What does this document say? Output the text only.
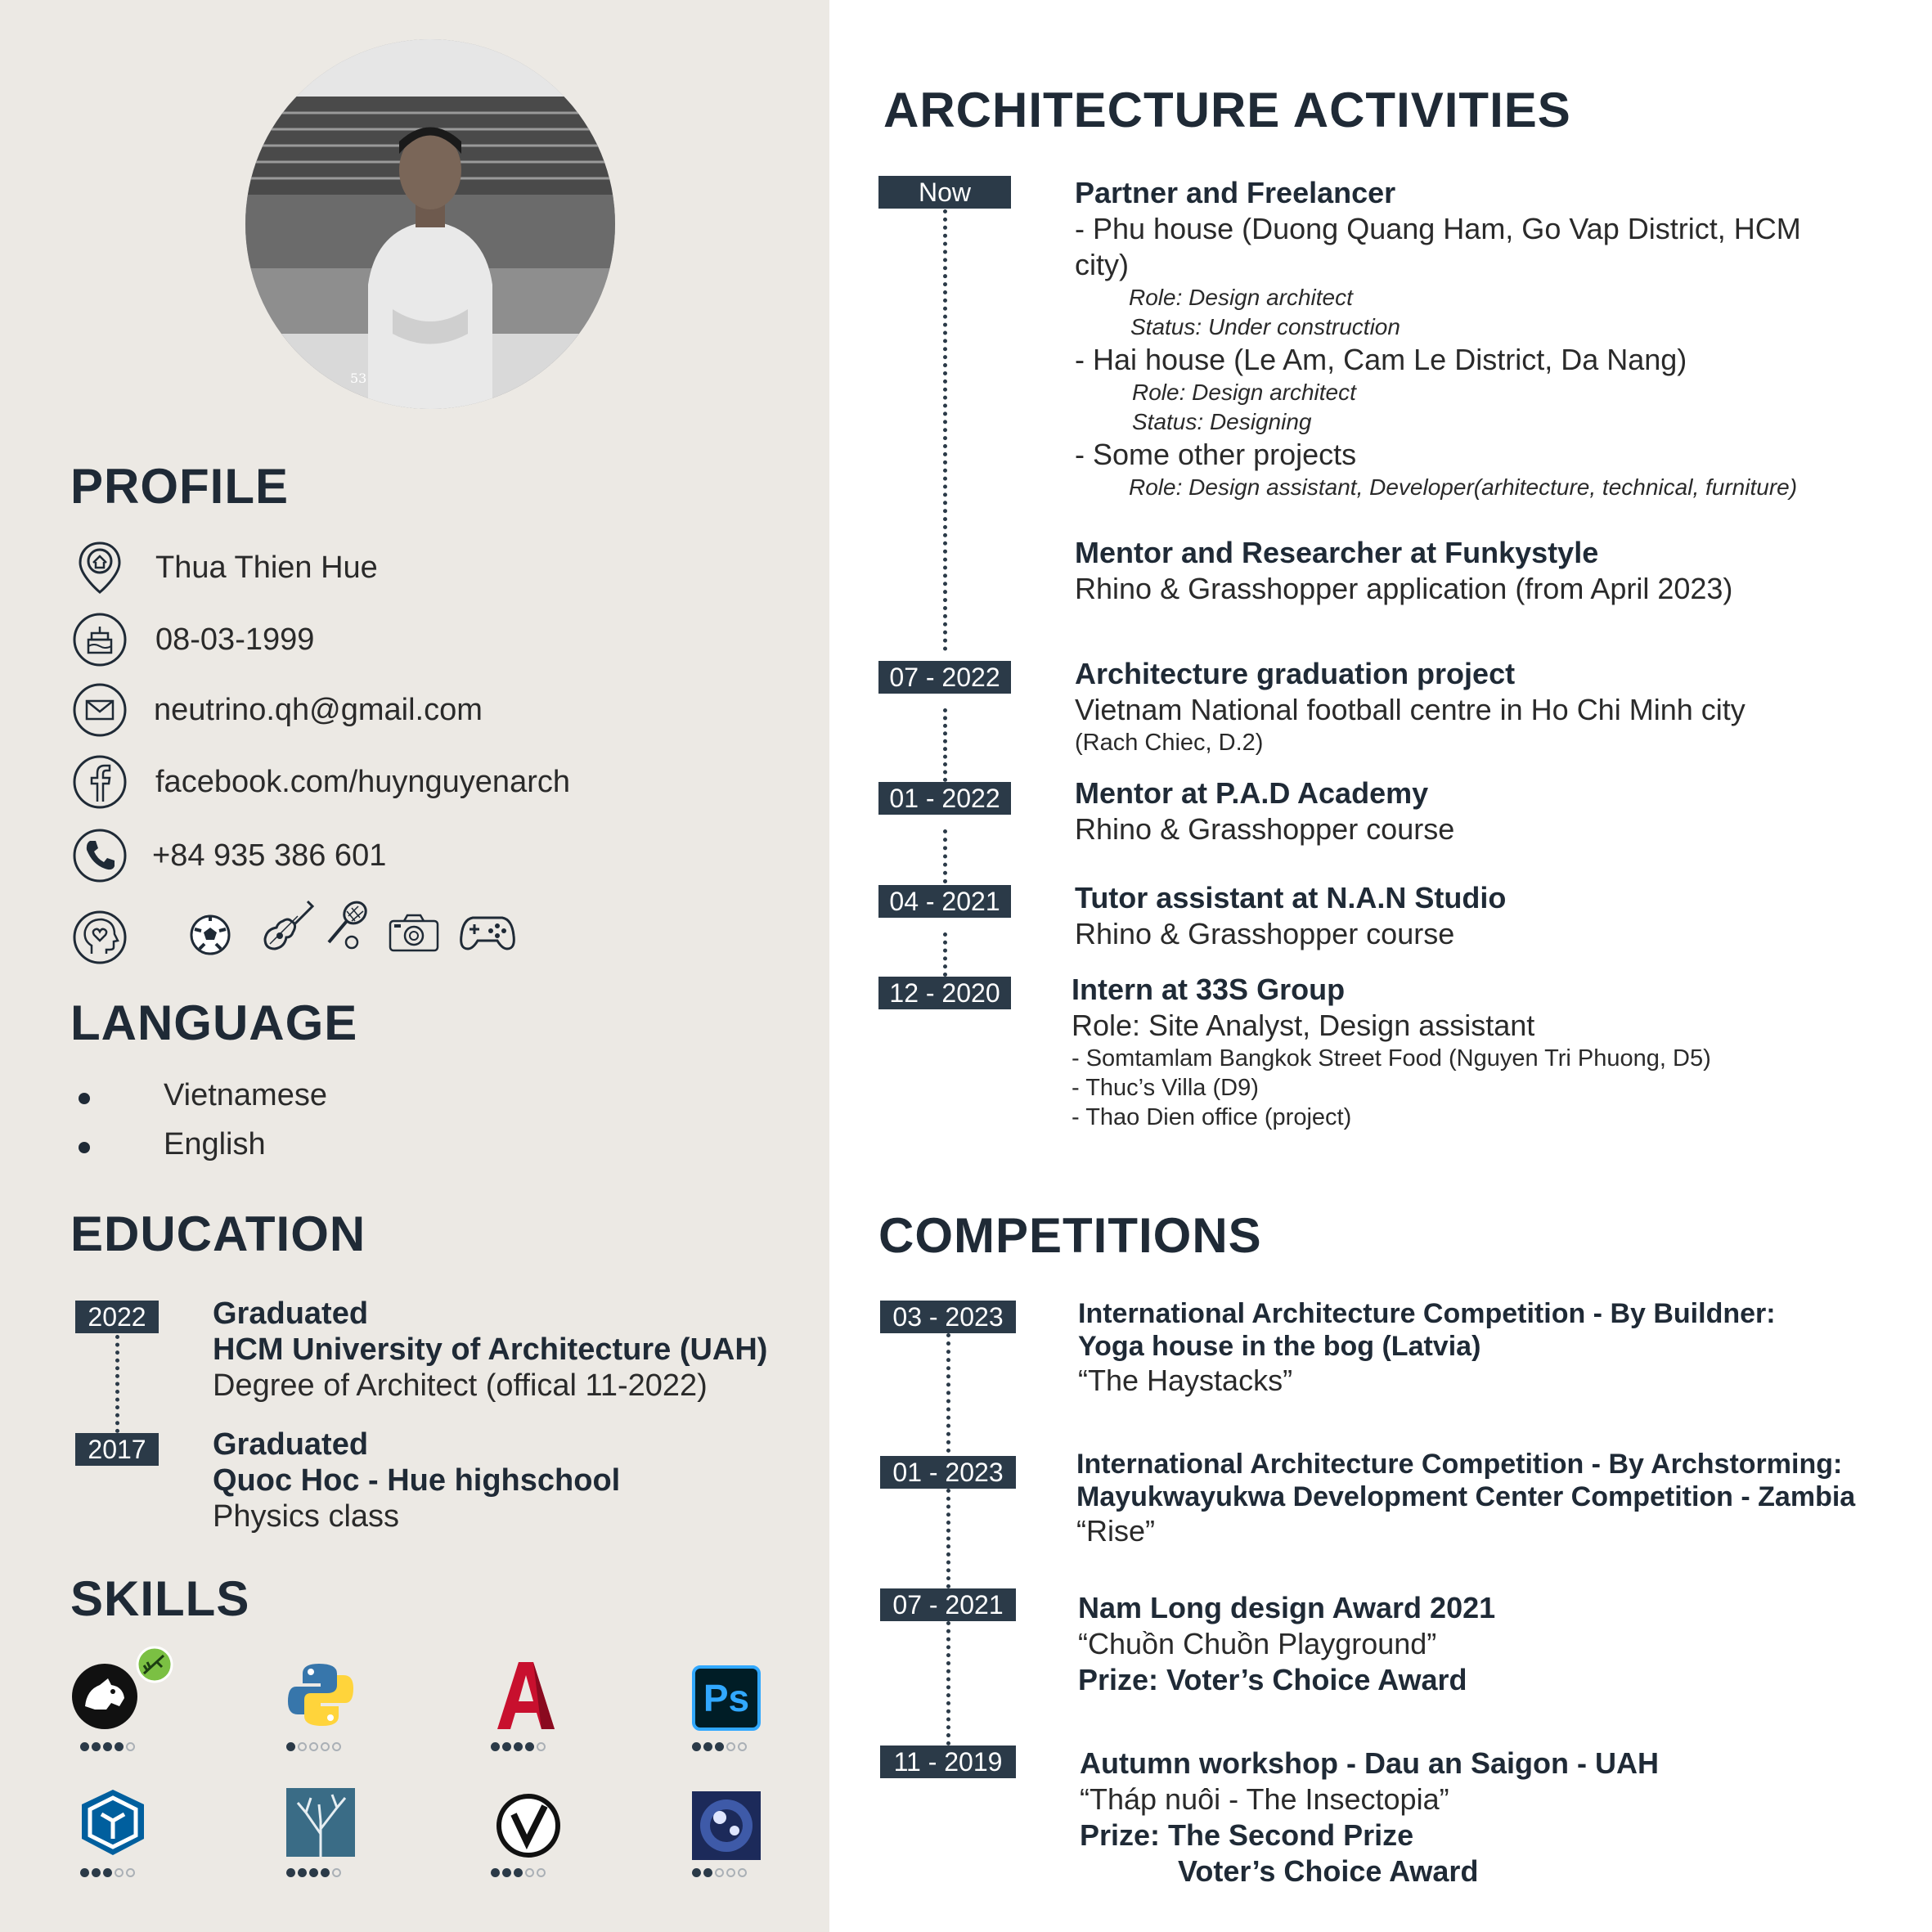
53
PROFILE
Thua Thien Hue
08-03-1999
neutrino.qh@gmail.com
facebook.com/huynguyenarch
+84 935 386 601
LANGUAGE
Vietnamese
English
EDUCATION
2022
2017
Graduated
HCM University of Architecture (UAH)
Degree of Architect (offical 11-2022)
Graduated
Quoc Hoc - Hue highschool
Physics class
SKILLS
Ps
ARCHITECTURE ACTIVITIES
Now
07 - 2022
01 - 2022
04 - 2021
12 - 2020
Partner and Freelancer
- Phu house (Duong Quang Ham, Go Vap District, HCM
city)
Role: Design architect
Status: Under construction
- Hai house (Le Am, Cam Le District, Da Nang)
Role: Design architect
Status: Designing
- Some other projects
Role: Design assistant, Developer(arhitecture, technical, furniture)
Mentor and Researcher at Funkystyle
Rhino & Grasshopper application (from April 2023)
Architecture graduation project
Vietnam National football centre in Ho Chi Minh city
(Rach Chiec, D.2)
Mentor at P.A.D Academy
Rhino & Grasshopper course
Tutor assistant at N.A.N Studio
Rhino & Grasshopper course
Intern at 33S Group
Role: Site Analyst, Design assistant
- Somtamlam Bangkok Street Food (Nguyen Tri Phuong, D5)
- Thuc’s Villa (D9)
- Thao Dien office (project)
COMPETITIONS
03 - 2023
01 - 2023
07 - 2021
11 - 2019
International Architecture Competition - By Buildner:
Yoga house in the bog (Latvia)
“The Haystacks”
International Architecture Competition - By Archstorming:
Mayukwayukwa Development Center Competition - Zambia
“Rise”
Nam Long design Award 2021
“Chuồn Chuồn Playground”
Prize: Voter’s Choice Award
Autumn workshop - Dau an Saigon - UAH
“Tháp nuôi - The Insectopia”
Prize: The Second Prize
Voter’s Choice Award
